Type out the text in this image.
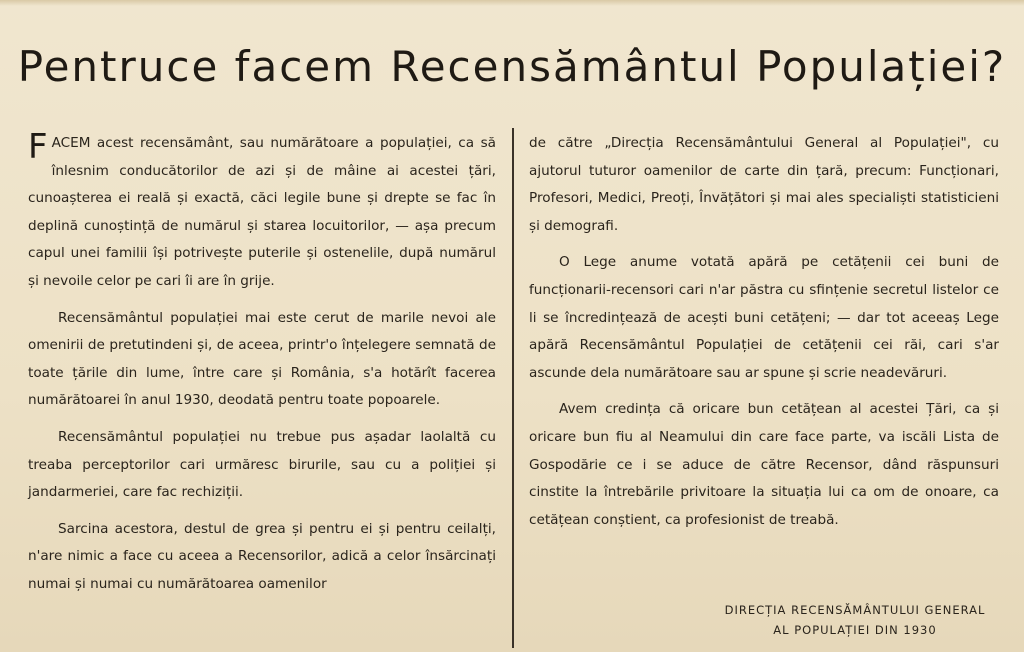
Pentruce facem Recensământul Populației?

FACEM acest recensământ, sau numărătoare a populației, ca să înlesnim conducătorilor de azi și de mâine ai acestei țări, cunoașterea ei reală și exactă, căci legile bune și drepte se fac în deplină cunoștință de numărul și starea locuitorilor, — așa precum capul unei familii își potrivește puterile și ostenelile, după numărul și nevoile celor pe cari îi are în grije.

Recensământul populației mai este cerut de marile nevoi ale omenirii de pretutindeni și, de aceea, printr'o înțelegere semnată de toate țările din lume, între care și România, s'a hotărît facerea numărătoarei în anul 1930, deodată pentru toate popoarele.

Recensământul populației nu trebue pus așadar laolaltă cu treaba perceptorilor cari urmăresc birurile, sau cu a poliției și jandarmeriei, care fac rechiziții.

Sarcina acestora, destul de grea și pentru ei și pentru ceilalți, n'are nimic a face cu aceea a Recensorilor, adică a celor însărcinați numai și numai cu numărătoarea oamenilor

de către „Direcția Recensământului General al Populației", cu ajutorul tuturor oamenilor de carte din țară, precum: Funcționari, Profesori, Medici, Preoți, Învățători și mai ales specialiști statisticieni și demografi.

O Lege anume votată apără pe cetățenii cei buni de funcționarii-recensori cari n'ar păstra cu sfințenie secretul listelor ce li se încredințează de acești buni cetățeni; — dar tot aceeaș Lege apără Recensământul Populației de cetățenii cei răi, cari s'ar ascunde dela numărătoare sau ar spune și scrie neadevăruri.

Avem credința că oricare bun cetățean al acestei Țări, ca și oricare bun fiu al Neamului din care face parte, va iscăli Lista de Gospodărie ce i se aduce de către Recensor, dând răspunsuri cinstite la întrebările privitoare la situația lui ca om de onoare, ca cetățean conștient, ca profesionist de treabă.

DIRECȚIA RECENSĂMÂNTULUI GENERAL
AL POPULAȚIEI DIN 1930
